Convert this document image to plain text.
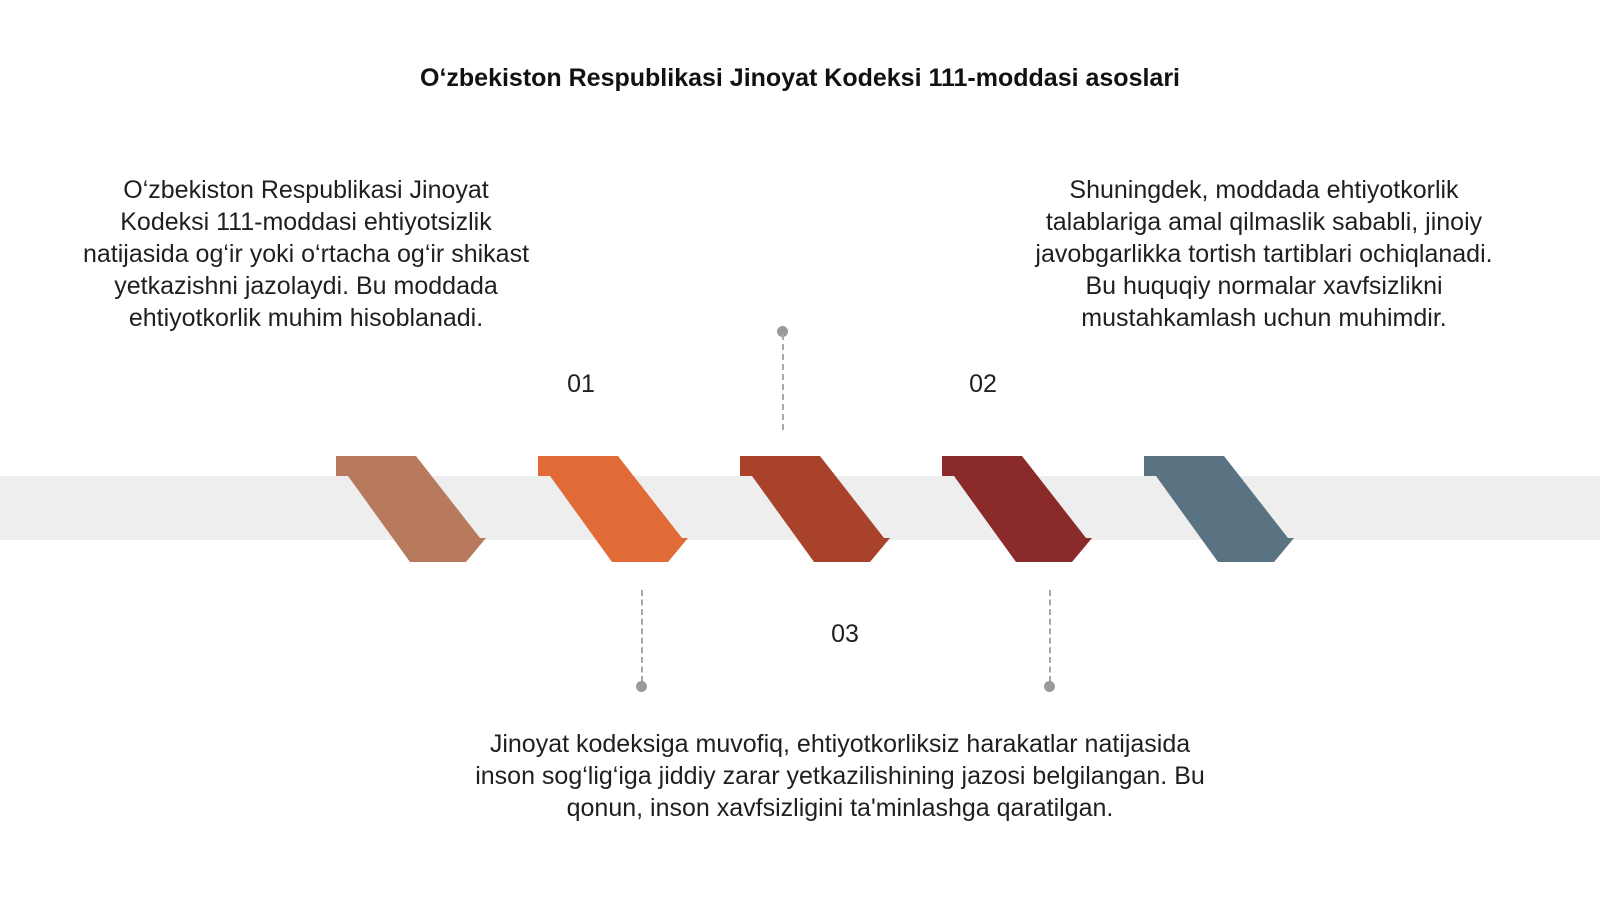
O‘zbekiston Respublikasi Jinoyat Kodeksi 111-moddasi asoslari
01	02
03
O‘zbekiston Respublikasi Jinoyat Kodeksi 111-moddasi ehtiyotsizlik natijasida og‘ir yoki o‘rtacha og‘ir shikast yetkazishni jazolaydi. Bu moddada ehtiyotkorlik muhim hisoblanadi.
Shuningdek, moddada ehtiyotkorlik talablariga amal qilmaslik sababli, jinoiy javobgarlikka tortish tartiblari ochiqlanadi. Bu huquqiy normalar xavfsizlikni mustahkamlash uchun muhimdir.
Jinoyat kodeksiga muvofiq, ehtiyotkorliksiz harakatlar natijasida inson sog‘lig‘iga jiddiy zarar yetkazilishining jazosi belgilangan. Bu qonun, inson xavfsizligini ta'minlashga qaratilgan.
